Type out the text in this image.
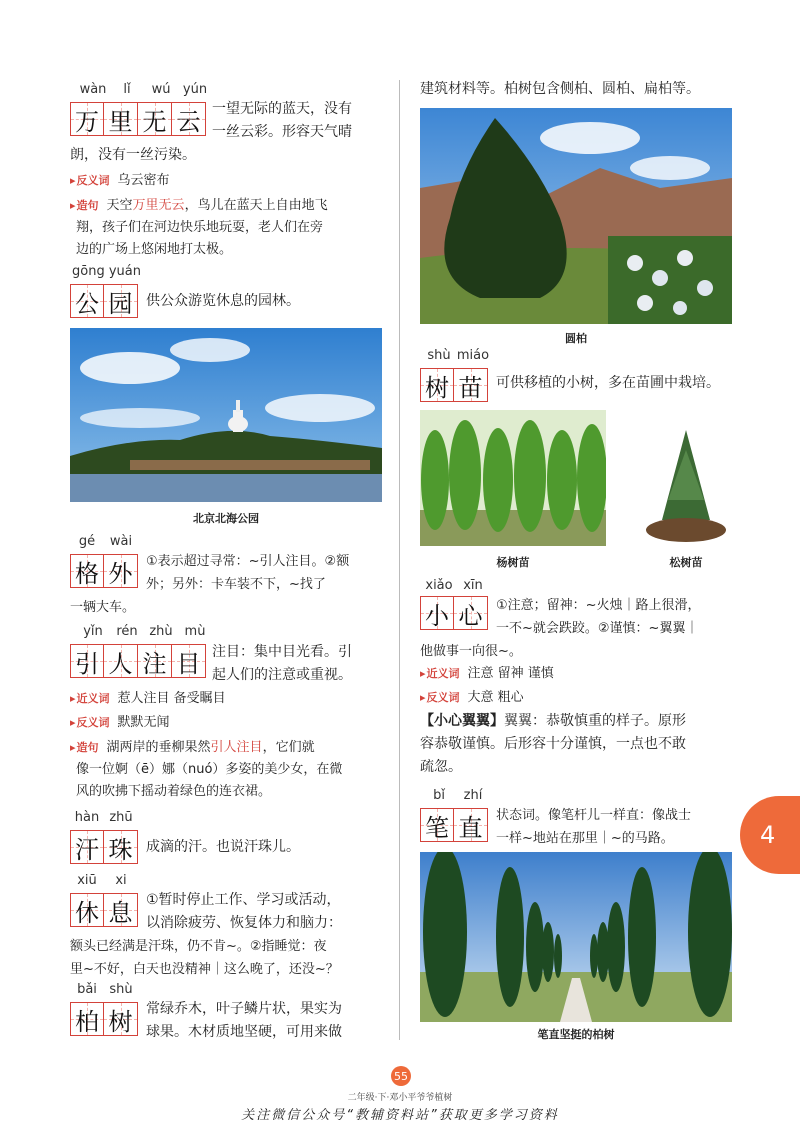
wàn lǐ wú yún
万 里 无 云 一望无际的蓝天，没有
一丝云彩。形容天气晴
朗，没有一丝污染。
▸ 反义词 乌云密布
▸ 造句 天空万里无云，鸟儿在蓝天上自由地飞
翔，孩子们在河边快乐地玩耍，老人们在旁
边的广场上悠闲地打太极。
gōng yuán
公 园 供公众游览休息的园林。
北京北海公园
gé wài
格 外 ①表示超过寻常：~引人注目。②额
外；另外：卡车装不下，~找了
一辆大车。
yǐn rén zhù mù
引 人 注 目 注目：集中目光看。引
起人们的注意或重视。
▸ 近义词 惹人注目 备受瞩目
▸ 反义词 默默无闻
▸ 造句 湖两岸的垂柳果然引人注目，它们就
像一位婀（ē）娜（nuó）多姿的美少女，在微
风的吹拂下摇动着绿色的连衣裙。
hàn zhū
汗 珠 成滴的汗。也说汗珠儿。
xiū xi
休 息 ①暂时停止工作、学习或活动，
以消除疲劳、恢复体力和脑力：
额头已经满是汗珠，仍不肯~。②指睡觉：夜
里~不好，白天也没精神｜这么晚了，还没~？
bǎi shù
柏 树 常绿乔木，叶子鳞片状，果实为
球果。木材质地坚硬，可用来做
建筑材料等。柏树包含侧柏、圆柏、扁柏等。
圆柏
shù miáo
树 苗 可供移植的小树，多在苗圃中栽培。
杨树苗	松树苗
xiǎo xīn
小 心 ①注意；留神：~火烛｜路上很滑，
一不~就会跌跤。②谨慎：~翼翼｜
他做事一向很~。
▸ 近义词 注意 留神 谨慎
▸ 反义词 大意 粗心
【小心翼翼】翼翼：恭敬慎重的样子。原形
容恭敬谨慎。后形容十分谨慎，一点也不敢
疏忽。
bǐ zhí
笔 直 状态词。像笔杆儿一样直：像战士
一样~地站在那里｜~的马路。
笔直坚挺的柏树
4
55
二年级·下·邓小平爷爷植树
关注微信公众号“教辅资料站”获取更多学习资料
